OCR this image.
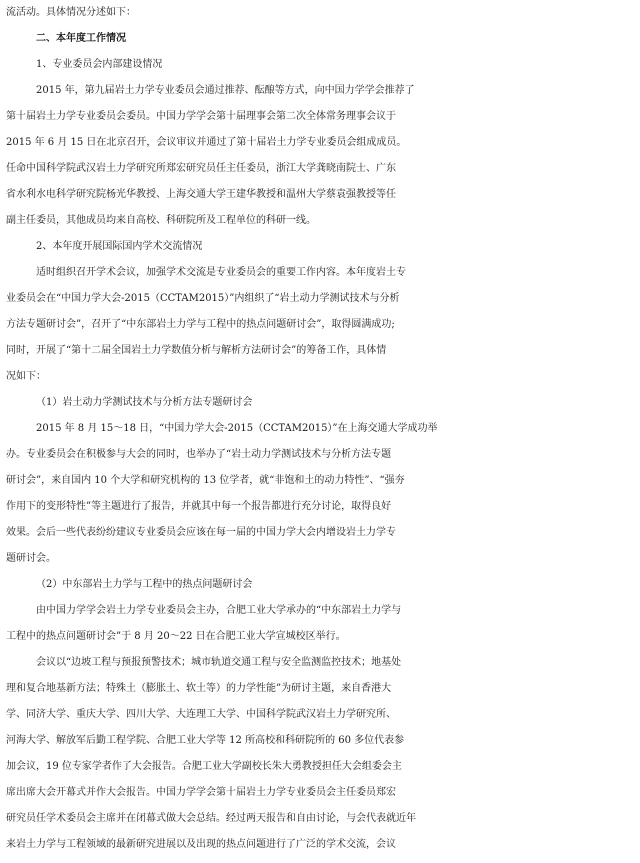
流活动。具体情况分述如下：
二、本年度工作情况
1、专业委员会内部建设情况
2015 年，第九届岩土力学专业委员会通过推荐、酝酿等方式，向中国力学学会推荐了
第十届岩土力学专业委员会委员。中国力学学会第十届理事会第二次全体常务理事会议于
2015 年 6 月 15 日在北京召开，会议审议并通过了第十届岩土力学专业委员会组成成员。
任命中国科学院武汉岩土力学研究所郑宏研究员任主任委员，浙江大学龚晓南院士、广东
省水利水电科学研究院杨光华教授、上海交通大学王建华教授和温州大学蔡袁强教授等任
副主任委员，其他成员均来自高校、科研院所及工程单位的科研一线。
2、本年度开展国际国内学术交流情况
适时组织召开学术会议，加强学术交流是专业委员会的重要工作内容。本年度岩土专
业委员会在“中国力学大会-2015（CCTAM2015）”内组织了“岩土动力学测试技术与分析
方法专题研讨会”，召开了“中东部岩土力学与工程中的热点问题研讨会”，取得圆满成功;
同时，开展了“第十二届全国岩土力学数值分析与解析方法研讨会”的筹备工作，具体情
况如下：
（1）岩土动力学测试技术与分析方法专题研讨会
2015 年 8 月 15～18 日，“中国力学大会-2015（CCTAM2015）”在上海交通大学成功举
办。专业委员会在积极参与大会的同时，也举办了“岩土动力学测试技术与分析方法专题
研讨会”，来自国内 10 个大学和研究机构的 13 位学者，就“非饱和土的动力特性”、“强夯
作用下的变形特性”等主题进行了报告，并就其中每一个报告都进行充分讨论，取得良好
效果。会后一些代表纷纷建议专业委员会应该在每一届的中国力学大会内增设岩土力学专
题研讨会。
（2）中东部岩土力学与工程中的热点问题研讨会
由中国力学学会岩土力学专业委员会主办，合肥工业大学承办的“中东部岩土力学与
工程中的热点问题研讨会”于 8 月 20～22 日在合肥工业大学宣城校区举行。
会议以“边坡工程与预报预警技术；城市轨道交通工程与安全监测监控技术；地基处
理和复合地基新方法；特殊土（膨胀土、软土等）的力学性能”为研讨主题，来自香港大
学、同济大学、重庆大学、四川大学、大连理工大学、中国科学院武汉岩土力学研究所、
河海大学、解放军后勤工程学院、合肥工业大学等 12 所高校和科研院所的 60 多位代表参
加会议，19 位专家学者作了大会报告。合肥工业大学副校长朱大勇教授担任大会组委会主
席出席大会开幕式并作大会报告。中国力学学会第十届岩土力学专业委员会主任委员郑宏
研究员任学术委员会主席并在闭幕式做大会总结。经过两天报告和自由讨论，与会代表就近年
来岩土力学与工程领域的最新研究进展以及出现的热点问题进行了广泛的学术交流，会议
